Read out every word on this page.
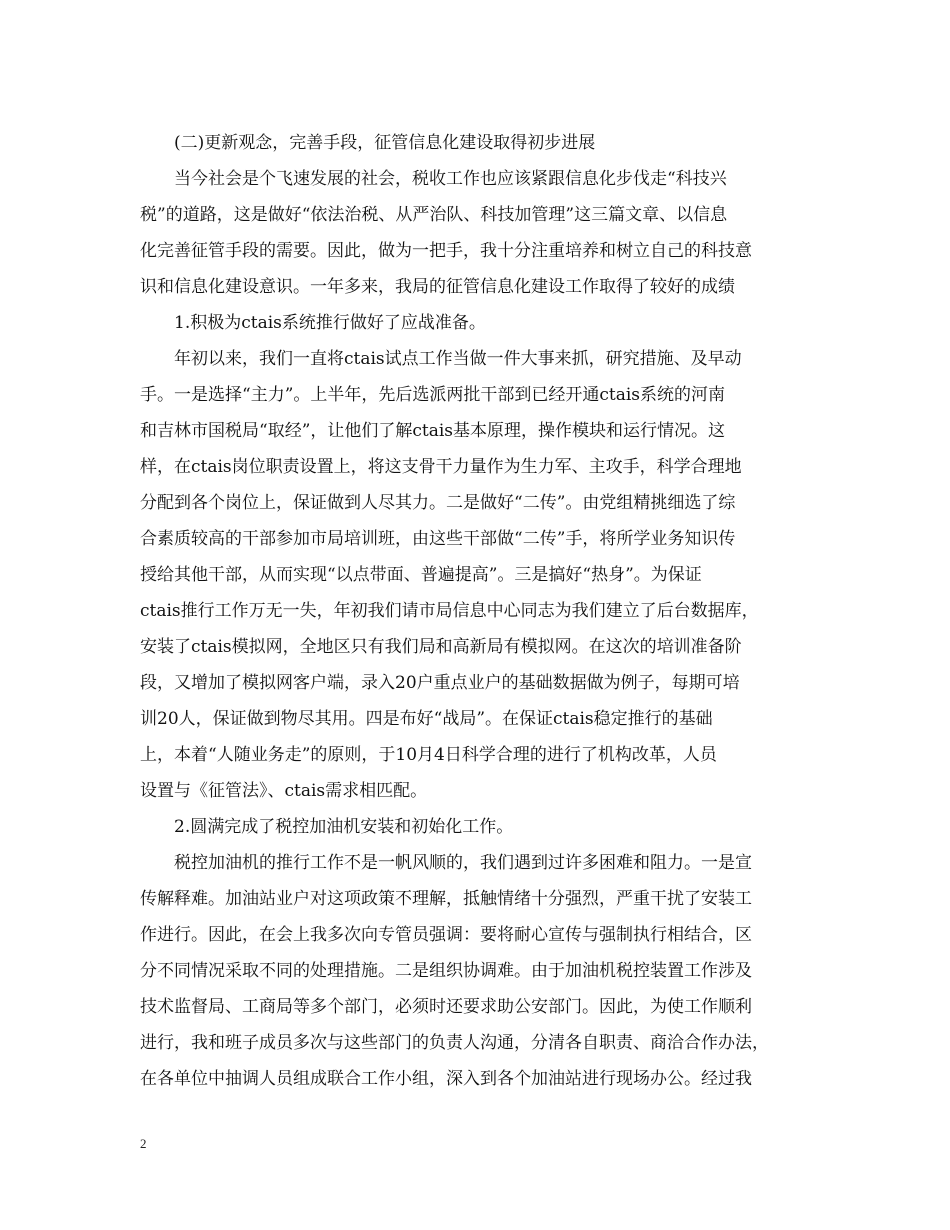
　　(二)更新观念，完善手段，征管信息化建设取得初步进展
　　当今社会是个飞速发展的社会，税收工作也应该紧跟信息化步伐走“科技兴
税”的道路，这是做好“依法治税、从严治队、科技加管理”这三篇文章、以信息
化完善征管手段的需要。因此，做为一把手，我十分注重培养和树立自己的科技意
识和信息化建设意识。一年多来，我局的征管信息化建设工作取得了较好的成绩
　　1.积极为ctais系统推行做好了应战准备。
　　年初以来，我们一直将ctais试点工作当做一件大事来抓，研究措施、及早动
手。一是选择“主力”。上半年，先后选派两批干部到已经开通ctais系统的河南
和吉林市国税局“取经”，让他们了解ctais基本原理，操作模块和运行情况。这
样，在ctais岗位职责设置上，将这支骨干力量作为生力军、主攻手，科学合理地
分配到各个岗位上，保证做到人尽其力。二是做好“二传”。由党组精挑细选了综
合素质较高的干部参加市局培训班，由这些干部做“二传”手，将所学业务知识传
授给其他干部，从而实现“以点带面、普遍提高”。三是搞好“热身”。为保证
ctais推行工作万无一失，年初我们请市局信息中心同志为我们建立了后台数据库，
安装了ctais模拟网，全地区只有我们局和高新局有模拟网。在这次的培训准备阶
段，又增加了模拟网客户端，录入20户重点业户的基础数据做为例子，每期可培
训20人，保证做到物尽其用。四是布好“战局”。在保证ctais稳定推行的基础
上，本着“人随业务走”的原则，于10月4日科学合理的进行了机构改革，人员
设置与《征管法》、ctais需求相匹配。
　　2.圆满完成了税控加油机安装和初始化工作。
　　税控加油机的推行工作不是一帆风顺的，我们遇到过许多困难和阻力。一是宣
传解释难。加油站业户对这项政策不理解，抵触情绪十分强烈，严重干扰了安装工
作进行。因此，在会上我多次向专管员强调：要将耐心宣传与强制执行相结合，区
分不同情况采取不同的处理措施。二是组织协调难。由于加油机税控装置工作涉及
技术监督局、工商局等多个部门，必须时还要求助公安部门。因此，为使工作顺利
进行，我和班子成员多次与这些部门的负责人沟通，分清各自职责、商洽合作办法，
在各单位中抽调人员组成联合工作小组，深入到各个加油站进行现场办公。经过我
2
